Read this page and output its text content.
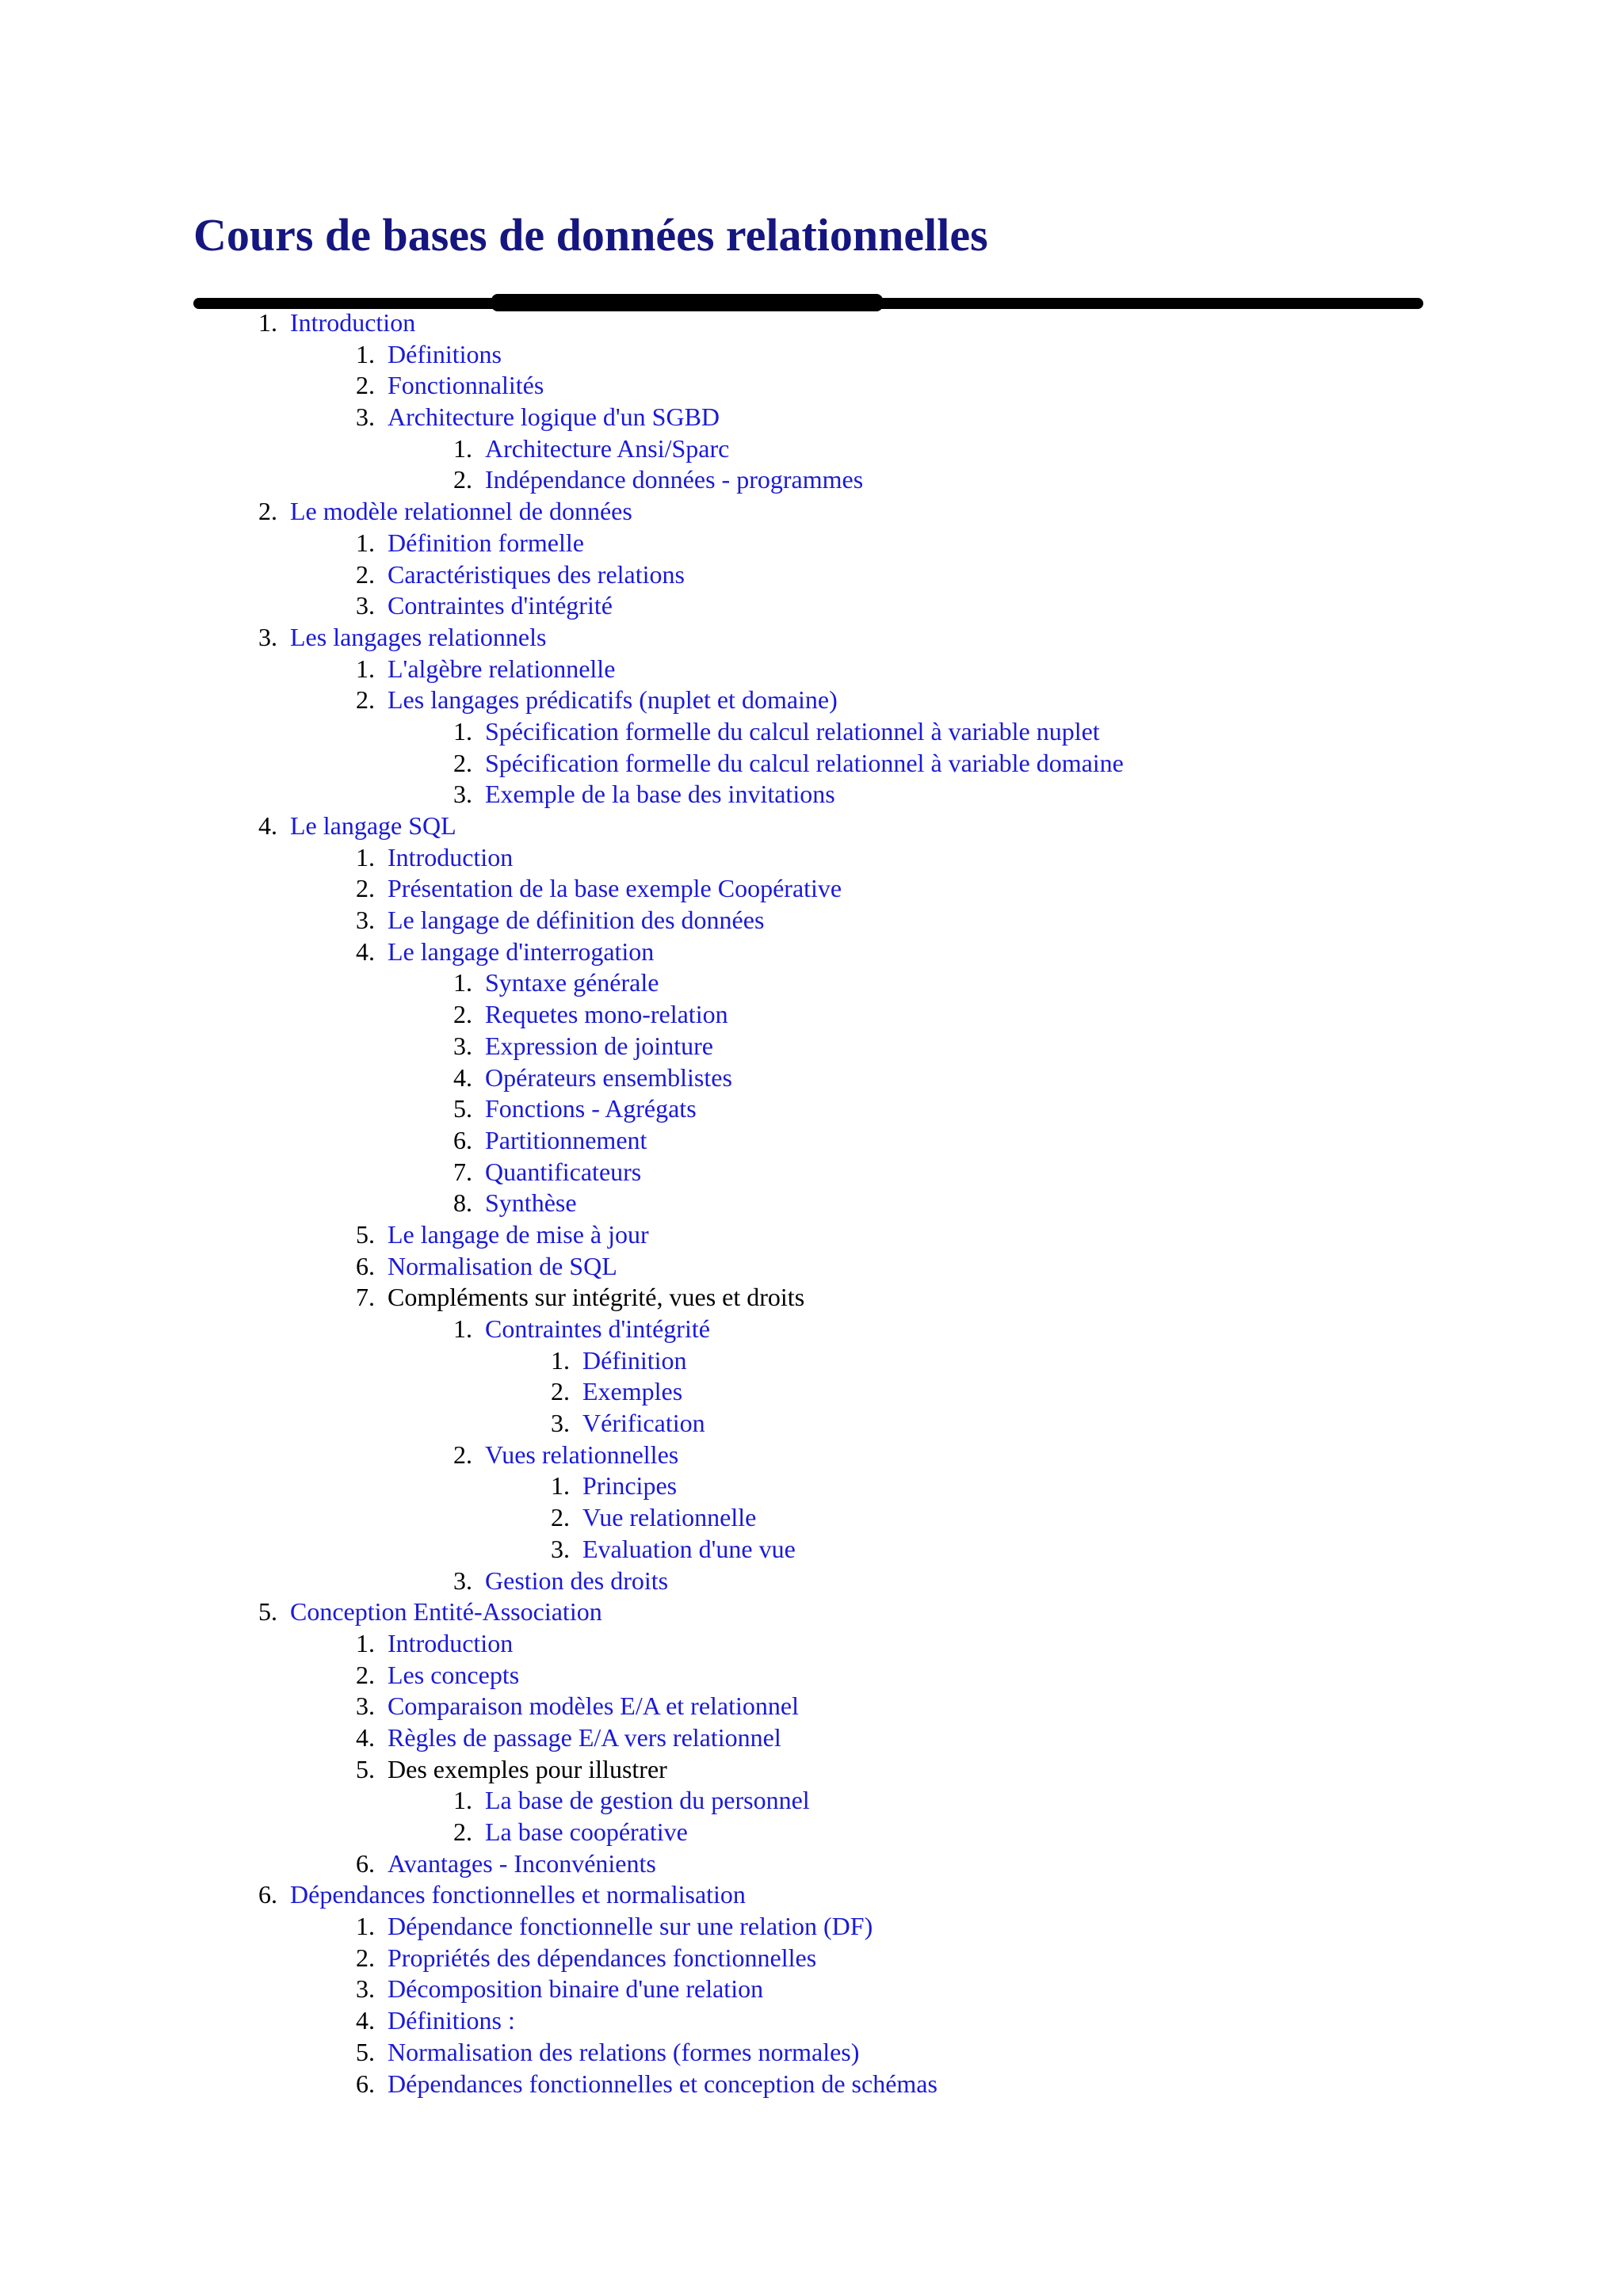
Cours de bases de données relationnelles
1. Introduction
1. Définitions
2. Fonctionnalités
3. Architecture logique d'un SGBD
1. Architecture Ansi/Sparc
2. Indépendance données - programmes
2. Le modèle relationnel de données
1. Définition formelle
2. Caractéristiques des relations
3. Contraintes d'intégrité
3. Les langages relationnels
1. L'algèbre relationnelle
2. Les langages prédicatifs (nuplet et domaine)
1. Spécification formelle du calcul relationnel à variable nuplet
2. Spécification formelle du calcul relationnel à variable domaine
3. Exemple de la base des invitations
4. Le langage SQL
1. Introduction
2. Présentation de la base exemple Coopérative
3. Le langage de définition des données
4. Le langage d'interrogation
1. Syntaxe générale
2. Requetes mono-relation
3. Expression de jointure
4. Opérateurs ensemblistes
5. Fonctions - Agrégats
6. Partitionnement
7. Quantificateurs
8. Synthèse
5. Le langage de mise à jour
6. Normalisation de SQL
7. Compléments sur intégrité, vues et droits
1. Contraintes d'intégrité
1. Définition
2. Exemples
3. Vérification
2. Vues relationnelles
1. Principes
2. Vue relationnelle
3. Evaluation d'une vue
3. Gestion des droits
5. Conception Entité-Association
1. Introduction
2. Les concepts
3. Comparaison modèles E/A et relationnel
4. Règles de passage E/A vers relationnel
5. Des exemples pour illustrer
1. La base de gestion du personnel
2. La base coopérative
6. Avantages - Inconvénients
6. Dépendances fonctionnelles et normalisation
1. Dépendance fonctionnelle sur une relation (DF)
2. Propriétés des dépendances fonctionnelles
3. Décomposition binaire d'une relation
4. Définitions :
5. Normalisation des relations (formes normales)
6. Dépendances fonctionnelles et conception de schémas
